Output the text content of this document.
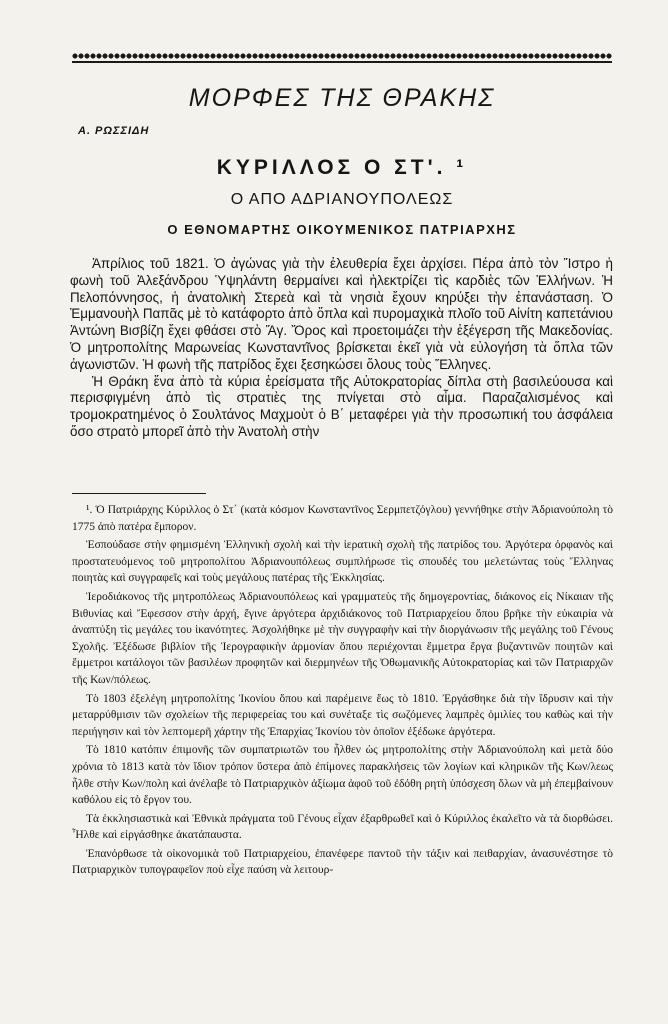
ΜΟΡΦΕΣ ΤΗΣ ΘΡΑΚΗΣ
Α. ΡΩΣΣΙΔΗ
ΚΥΡΙΛΛΟΣ Ο ΣΤ'. ¹
Ο ΑΠΟ ΑΔΡΙΑΝΟΥΠΟΛΕΩΣ
Ο ΕΘΝΟΜΑΡΤΗΣ ΟΙΚΟΥΜΕΝΙΚΟΣ ΠΑΤΡΙΑΡΧΗΣ

Ἀπρίλιος τοῦ 1821. Ὁ ἀγώνας γιὰ τὴν ἐλευθερία ἔχει ἀρχίσει. Πέρα ἀπὸ τὸν Ἴστρο ἡ φωνὴ τοῦ Ἀλεξάνδρου Ὑψηλάντη θερμαίνει καὶ ἠλεκτρίζει τὶς καρδιὲς τῶν Ἑλλήνων. Ἡ Πελοπόννησος, ἡ ἀνατολικὴ Στερεὰ καὶ τὰ νησιὰ ἔχουν κηρύξει τὴν ἐπανάσταση. Ὁ Ἐμμανουὴλ Παπᾶς μὲ τὸ κατάφορτο ἀπὸ ὅπλα καὶ πυρομαχικὰ πλοῖο τοῦ Αἰνίτη καπετάνιου Ἀντώνη Βισβίζη ἔχει φθάσει στὸ Ἅγ. Ὄρος καὶ προετοιμάζει τὴν ἐξέγερση τῆς Μακεδονίας. Ὁ μητροπολίτης Μαρωνείας Κωνσταντῖνος βρίσκεται ἐκεῖ γιὰ νὰ εὐλογήση τὰ ὅπλα τῶν ἀγωνιστῶν. Ἡ φωνὴ τῆς πατρίδος ἔχει ξεσηκώσει ὅλους τοὺς Ἕλληνες.

Ἡ Θράκη ἕνα ἀπὸ τὰ κύρια ἐρείσματα τῆς Αὐτοκρατορίας δίπλα στὴ βασιλεύουσα καὶ περισφιγμένη ἀπὸ τὶς στρατιὲς της πνίγεται στὸ αἷμα. Παραζαλισμένος καὶ τρομοκρατημένος ὁ Σουλτάνος Μαχμοὺτ ὁ Β΄ μεταφέρει γιὰ τὴν προσωπική του ἀσφάλεια ὅσο στρατὸ μπορεῖ ἀπὸ τὴν Ἀνατολὴ στὴν

¹. Ὁ Πατριάρχης Κύριλλος ὁ Στ΄ (κατὰ κόσμον Κωνσταντῖνος Σερμπετζόγλου) γεννήθηκε στὴν Ἀδριανούπολη τὸ 1775 ἀπὸ πατέρα ἔμπορον.

Ἐσπούδασε στὴν φημισμένη Ἑλληνικὴ σχολὴ καὶ τὴν ἱερατικὴ σχολὴ τῆς πατρίδος του. Ἀργότερα ὀρφανὸς καὶ προστατευόμενος τοῦ μητροπολίτου Ἀδριανουπόλεως συμπλήρωσε τὶς σπουδές του μελετώντας τοὺς Ἕλληνας ποιητὰς καὶ συγγραφεῖς καὶ τοὺς μεγάλους πατέρας τῆς Ἐκκλησίας.

Ἱεροδιάκονος τῆς μητροπόλεως Ἀδριανουπόλεως καὶ γραμματεὺς τῆς δημογεροντίας, διάκονος εἰς Νίκαιαν τῆς Βιθυνίας καὶ Ἔφεσσον στὴν ἀρχή, ἔγινε ἀργότερα ἀρχιδιάκονος τοῦ Πατριαρχείου ὅπου βρῆκε τὴν εὐκαιρία νὰ ἀναπτύξη τὶς μεγάλες του ἱκανότητες. Ἀσχολήθηκε μὲ τὴν συγγραφὴν καὶ τὴν διοργάνωσιν τῆς μεγάλης τοῦ Γένους Σχολῆς. Ἐξέδωσε βιβλίον τῆς Ἱερογραφικὴν ἁρμονίαν ὅπου περιέχονται ἔμμετρα ἔργα βυζαντινῶν ποιητῶν καὶ ἔμμετροι κατάλογοι τῶν βασιλέων προφητῶν καὶ διερμηνέων τῆς Ὀθωμανικῆς Αὐτοκρατορίας καὶ τῶν Πατριαρχῶν τῆς Κων/πόλεως.

Τὸ 1803 ἐξελέγη μητροπολίτης Ἰκονίου ὅπου καὶ παρέμεινε ἕως τὸ 1810. Ἐργάσθηκε διὰ τὴν ἵδρυσιν καὶ τὴν μεταρρύθμισιν τῶν σχολείων τῆς περιφερείας του καὶ συνέταξε τὶς σωζόμενες λαμπρὲς ὁμιλίες του καθὼς καὶ τὴν περιήγησιν καὶ τὸν λεπτομερῆ χάρτην τῆς Ἐπαρχίας Ἰκονίου τὸν ὁποῖον ἐξέδωκε ἀργότερα.

Τὸ 1810 κατόπιν ἐπιμονῆς τῶν συμπατριωτῶν του ἦλθεν ὡς μητροπολίτης στὴν Ἀδριανούπολη καὶ μετὰ δύο χρόνια τὸ 1813 κατὰ τὸν ἴδιον τρόπον ὕστερα ἀπὸ ἐπίμονες παρακλήσεις τῶν λογίων καὶ κληρικῶν τῆς Κων/λεως ἦλθε στὴν Κων/πολη καὶ ἀνέλαβε τὸ Πατριαρχικὸν ἀξίωμα ἀφοῦ τοῦ ἐδόθη ρητὴ ὑπόσχεση ὅλων νὰ μὴ ἐπεμβαίνουν καθόλου εἰς τὸ ἔργον του.

Τὰ ἐκκλησιαστικὰ καὶ Ἐθνικὰ πράγματα τοῦ Γένους εἶχαν ἐξαρθρωθεῖ καὶ ὁ Κύριλλος ἐκαλεῖτο νὰ τὰ διορθώσει. Ἦλθε καὶ εἰργάσθηκε ἀκατάπαυστα.

Ἐπανόρθωσε τὰ οἰκονομικὰ τοῦ Πατριαρχείου, ἐπανέφερε παντοῦ τὴν τάξιν καὶ πειθαρχίαν, ἀνασυνέστησε τὸ Πατριαρχικὸν τυπογραφεῖον ποὺ εἶχε παύση νὰ λειτουρ-
